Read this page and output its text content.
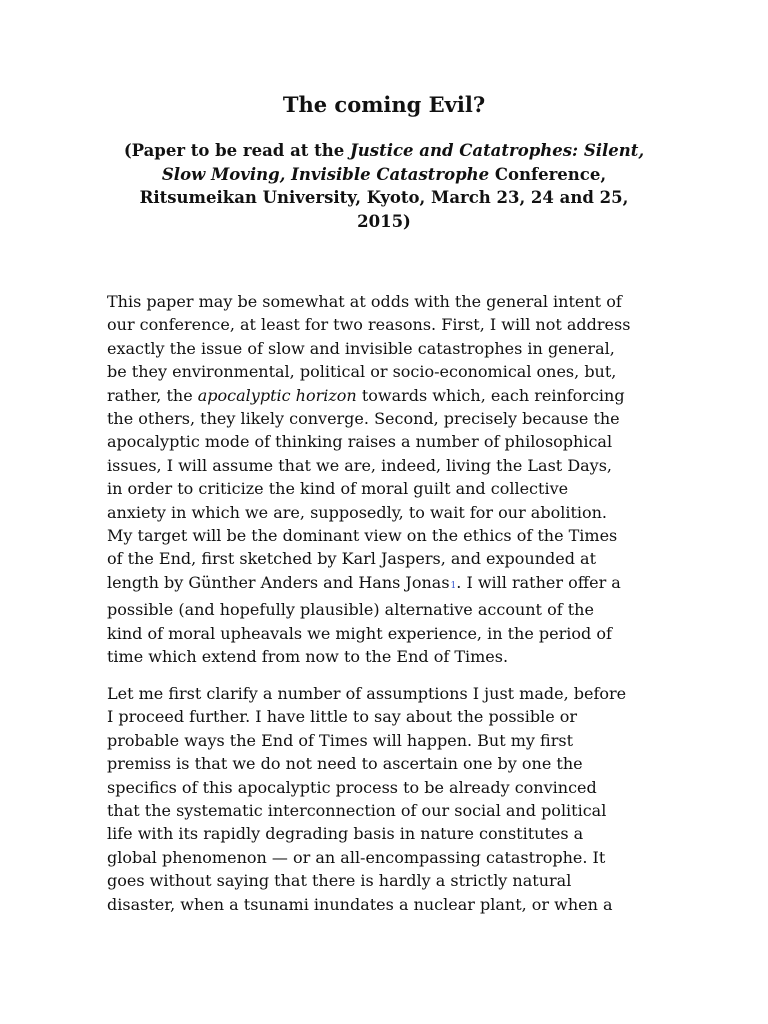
The coming Evil?
(Paper to be read at the Justice and Catatrophes: Silent,
Slow Moving, Invisible Catastrophe Conference,
Ritsumeikan University, Kyoto, March 23, 24 and 25,
2015)

This paper may be somewhat at odds with the general intent of
our conference, at least for two reasons. First, I will not address
exactly the issue of slow and invisible catastrophes in general,
be they environmental, political or socio-economical ones, but,
rather, the apocalyptic horizon towards which, each reinforcing
the others, they likely converge. Second, precisely because the
apocalyptic mode of thinking raises a number of philosophical
issues, I will assume that we are, indeed, living the Last Days,
in order to criticize the kind of moral guilt and collective
anxiety in which we are, supposedly, to wait for our abolition.
My target will be the dominant view on the ethics of the Times
of the End, first sketched by Karl Jaspers, and expounded at
length by Günther Anders and Hans Jonas1. I will rather offer a
possible (and hopefully plausible) alternative account of the
kind of moral upheavals we might experience, in the period of
time which extend from now to the End of Times.

Let me first clarify a number of assumptions I just made, before
I proceed further. I have little to say about the possible or
probable ways the End of Times will happen. But my first
premiss is that we do not need to ascertain one by one the
specifics of this apocalyptic process to be already convinced
that the systematic interconnection of our social and political
life with its rapidly degrading basis in nature constitutes a
global phenomenon — or an all-encompassing catastrophe. It
goes without saying that there is hardly a strictly natural
disaster, when a tsunami inundates a nuclear plant, or when a
